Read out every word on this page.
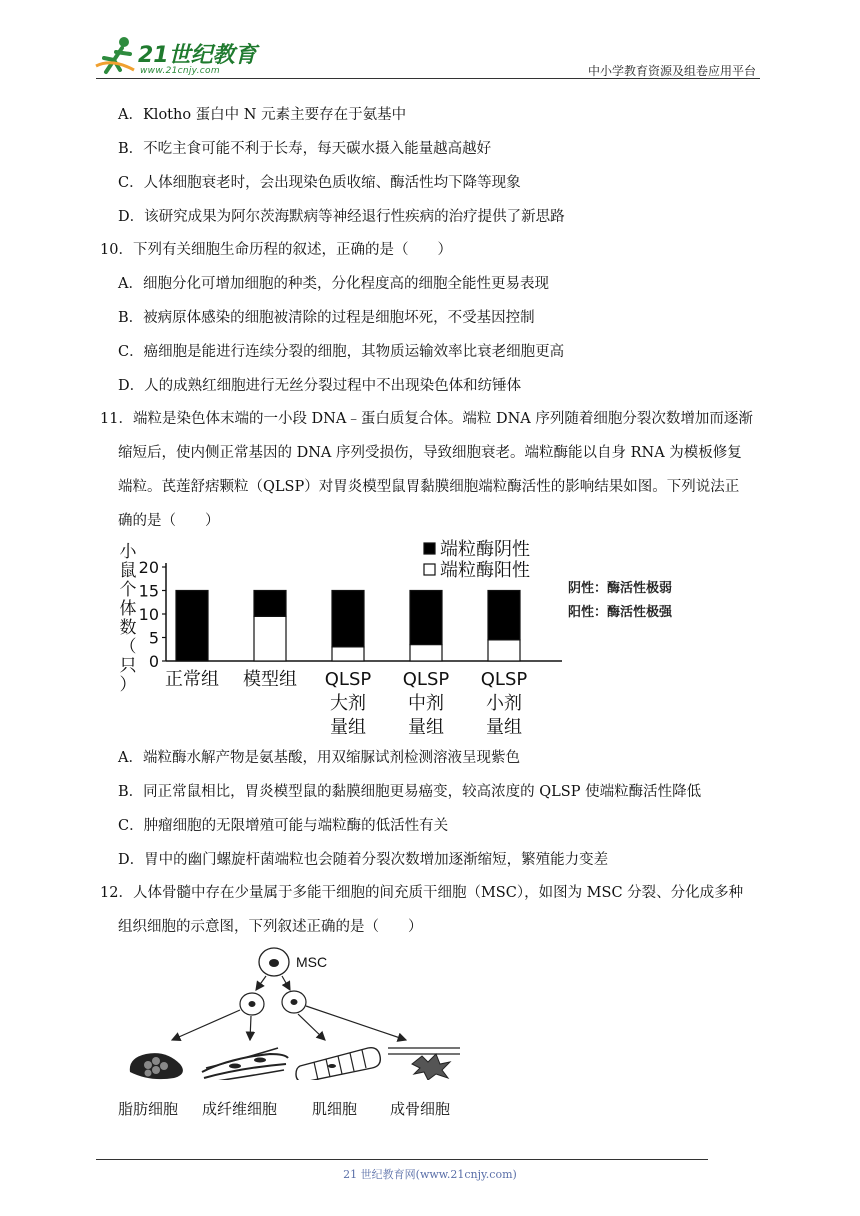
21世纪教育
www.21cnjy.com	中小学教育资源及组卷应用平台
A．Klotho 蛋白中 N 元素主要存在于氨基中
B．不吃主食可能不利于长寿，每天碳水摄入能量越高越好
C．人体细胞衰老时，会出现染色质收缩、酶活性均下降等现象
D．该研究成果为阿尔茨海默病等神经退行性疾病的治疗提供了新思路
10．下列有关细胞生命历程的叙述，正确的是（　　）
A．细胞分化可增加细胞的种类，分化程度高的细胞全能性更易表现
B．被病原体感染的细胞被清除的过程是细胞坏死，不受基因控制
C．癌细胞是能进行连续分裂的细胞，其物质运输效率比衰老细胞更高
D．人的成熟红细胞进行无丝分裂过程中不出现染色体和纺锤体
11．端粒是染色体末端的一小段 DNA﹣蛋白质复合体。端粒 DNA 序列随着细胞分裂次数增加而逐渐
缩短后，使内侧正常基因的 DNA 序列受损伤，导致细胞衰老。端粒酶能以自身 RNA 为模板修复
端粒。芪莲舒痞颗粒（QLSP）对胃炎模型鼠胃黏膜细胞端粒酶活性的影响结果如图。下列说法正
确的是（　　）
小
鼠
个
体
数
（
只
）
0
5
10
15
20
正常组 模型组 QLSP
大剂
量组
QLSP
中剂
量组
QLSP
小剂
量组
端粒酶阴性
端粒酶阳性
阴性：酶活性极弱
阳性：酶活性极强
A．端粒酶水解产物是氨基酸，用双缩脲试剂检测溶液呈现紫色
B．同正常鼠相比，胃炎模型鼠的黏膜细胞更易癌变，较高浓度的 QLSP 使端粒酶活性降低
C．肿瘤细胞的无限增殖可能与端粒酶的低活性有关
D．胃中的幽门螺旋杆菌端粒也会随着分裂次数增加逐渐缩短，繁殖能力变差
12．人体骨髓中存在少量属于多能干细胞的间充质干细胞（MSC），如图为 MSC 分裂、分化成多种
组织细胞的示意图，下列叙述正确的是（　　）
MSC
脂肪细胞 成纤维细胞 肌细胞 成骨细胞
21 世纪教育网(www.21cnjy.com)
